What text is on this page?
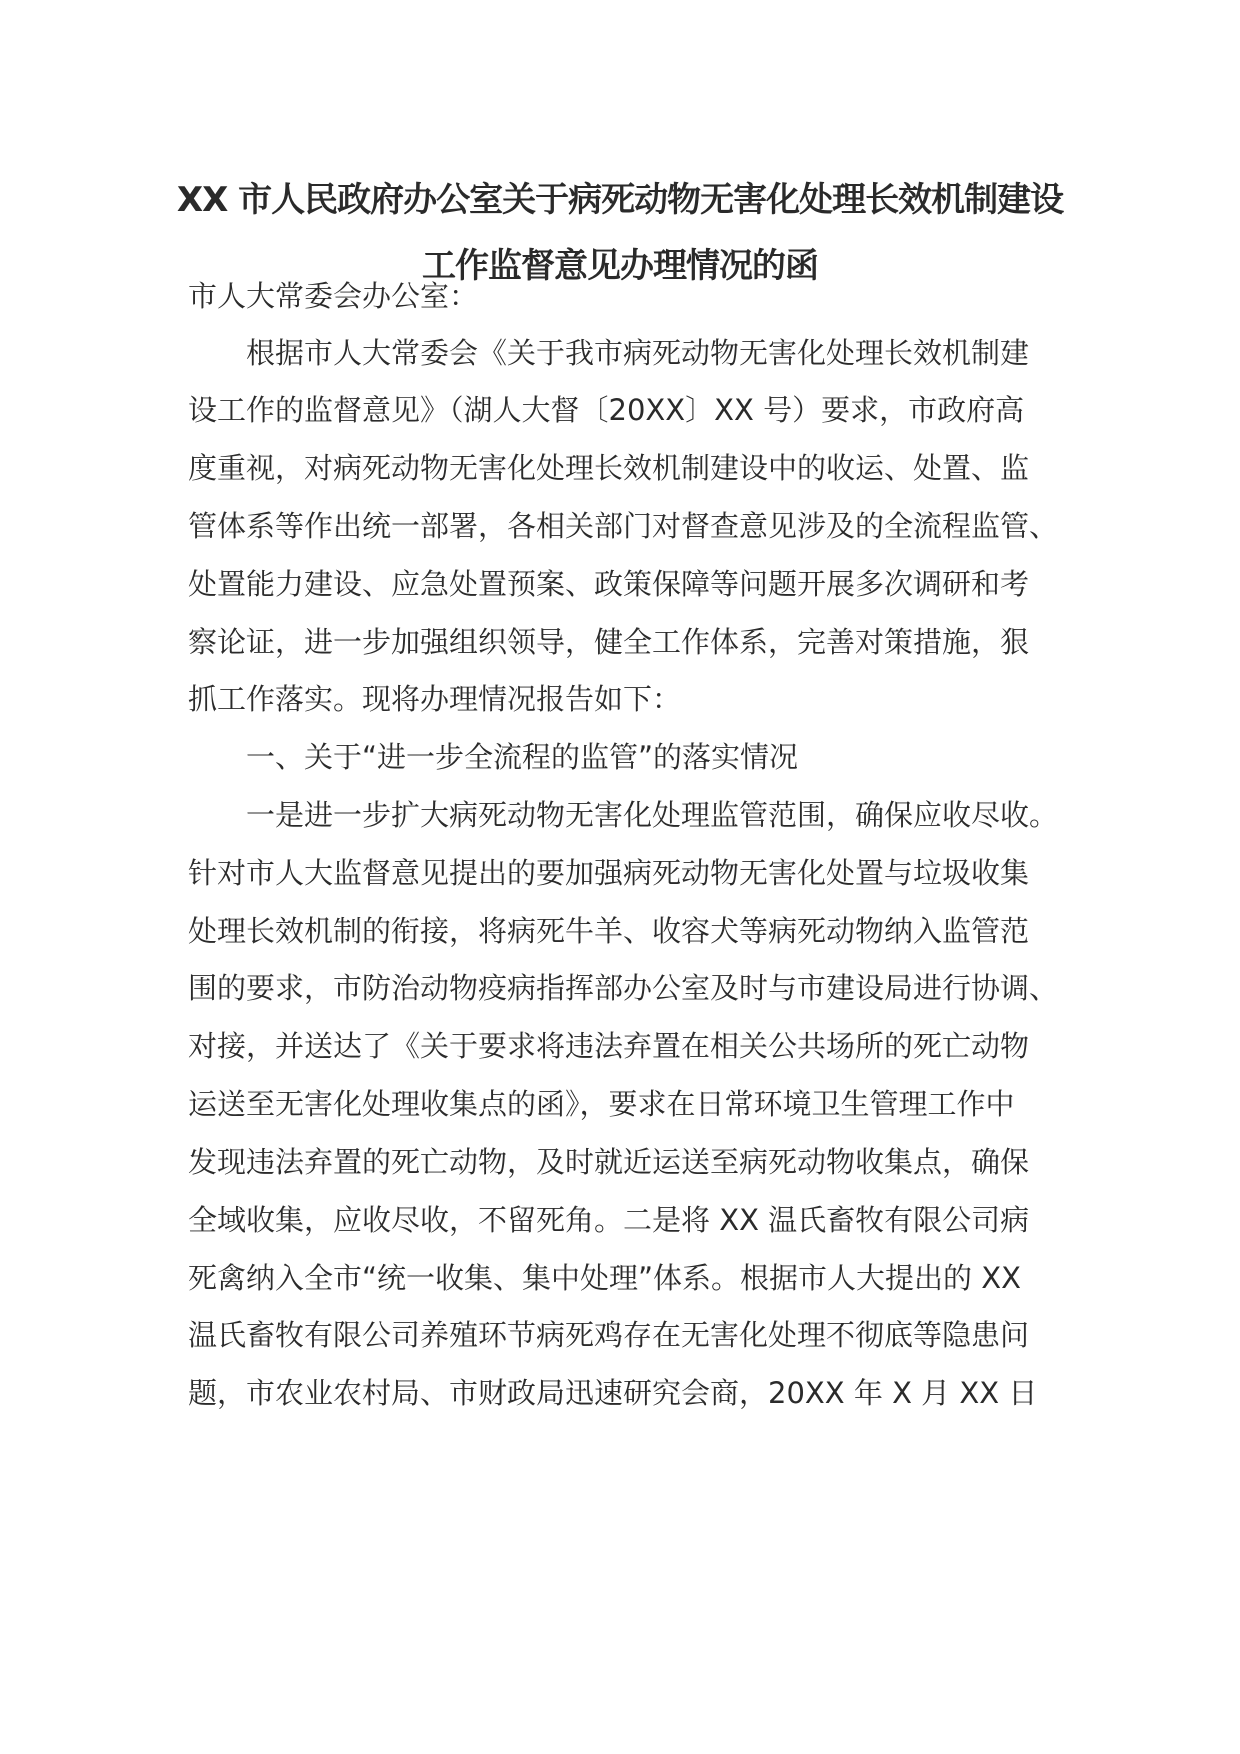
XX 市人民政府办公室关于病死动物无害化处理长效机制建设
工作监督意见办理情况的函
市人大常委会办公室：
　　根据市人大常委会《关于我市病死动物无害化处理长效机制建
设工作的监督意见》（湖人大督〔20XX〕XX 号）要求，市政府高
度重视，对病死动物无害化处理长效机制建设中的收运、处置、监
管体系等作出统一部署，各相关部门对督查意见涉及的全流程监管、
处置能力建设、应急处置预案、政策保障等问题开展多次调研和考
察论证，进一步加强组织领导，健全工作体系，完善对策措施，狠
抓工作落实。现将办理情况报告如下：
　　一、关于“进一步全流程的监管”的落实情况
　　一是进一步扩大病死动物无害化处理监管范围，确保应收尽收。
针对市人大监督意见提出的要加强病死动物无害化处置与垃圾收集
处理长效机制的衔接，将病死牛羊、收容犬等病死动物纳入监管范
围的要求，市防治动物疫病指挥部办公室及时与市建设局进行协调、
对接，并送达了《关于要求将违法弃置在相关公共场所的死亡动物
运送至无害化处理收集点的函》，要求在日常环境卫生管理工作中
发现违法弃置的死亡动物，及时就近运送至病死动物收集点，确保
全域收集，应收尽收，不留死角。二是将 XX 温氏畜牧有限公司病
死禽纳入全市“统一收集、集中处理”体系。根据市人大提出的 XX
温氏畜牧有限公司养殖环节病死鸡存在无害化处理不彻底等隐患问
题，市农业农村局、市财政局迅速研究会商，20XX 年 X 月 XX 日
